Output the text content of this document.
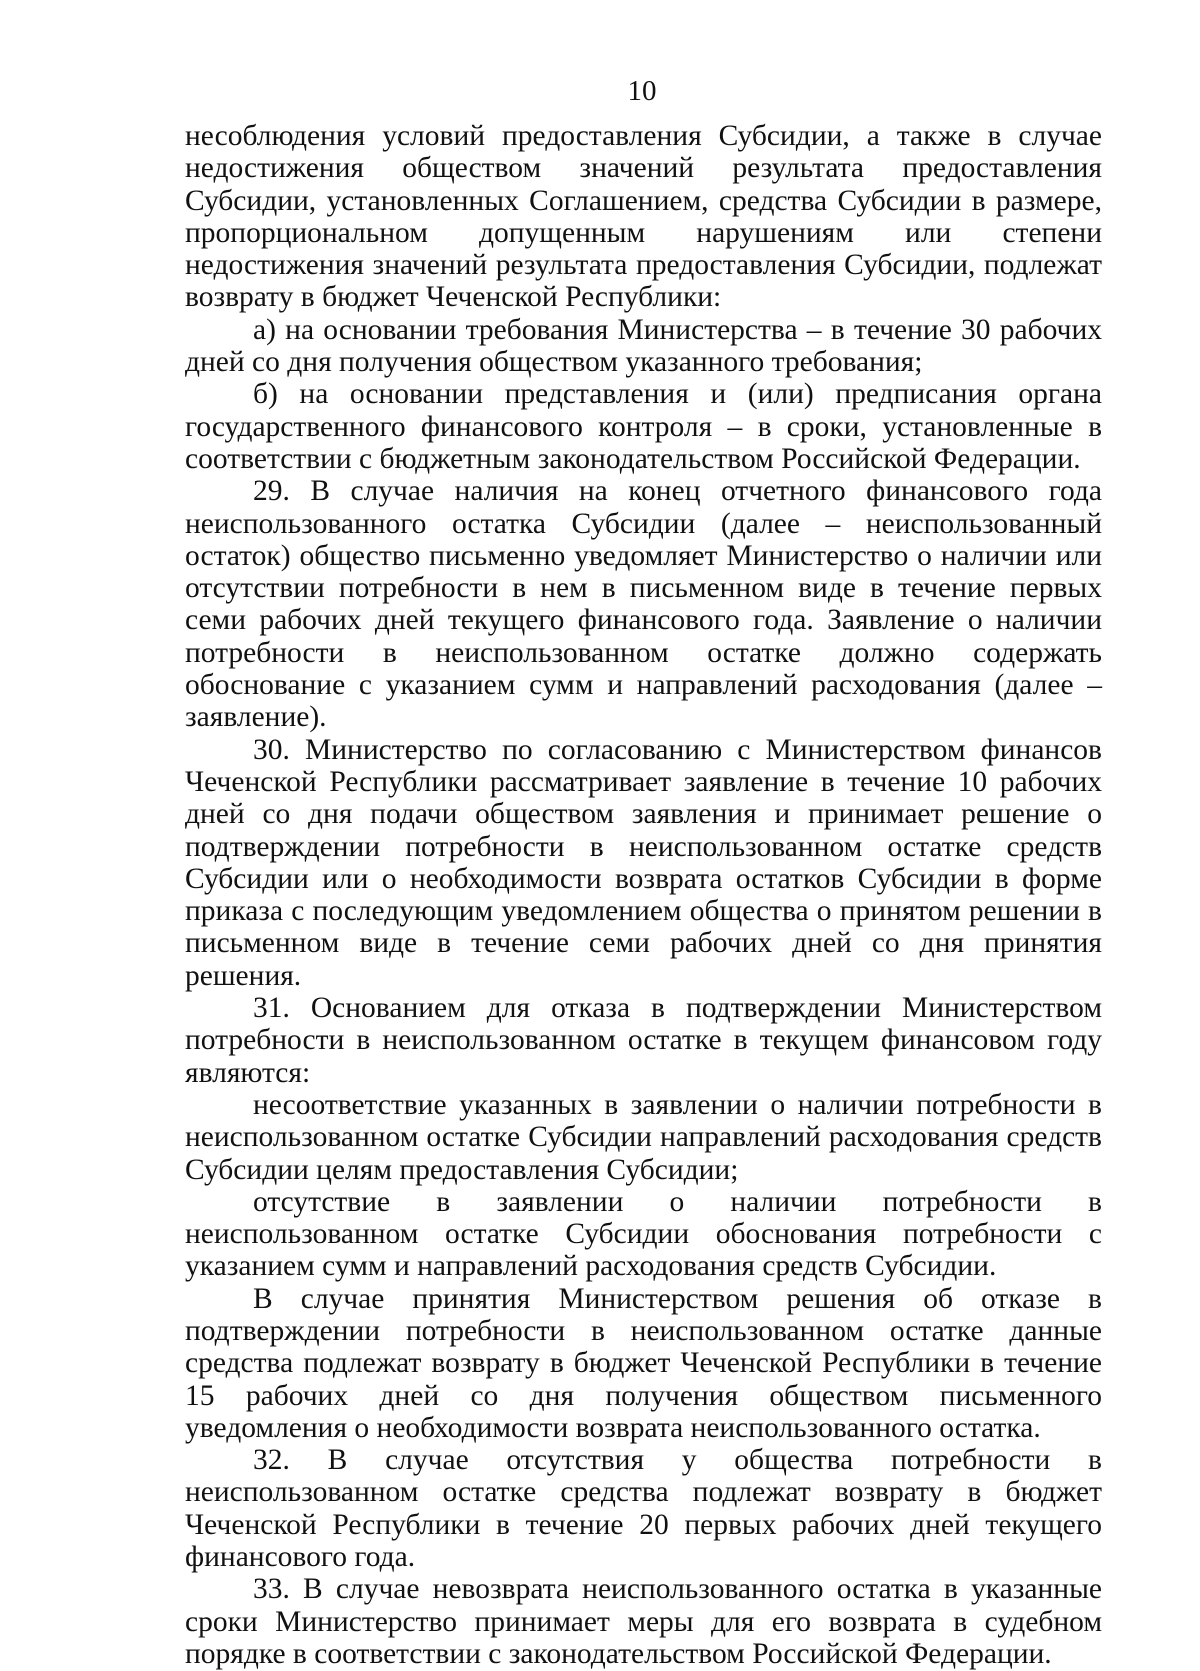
10

несоблюдения условий предоставления Субсидии, а также в случае недостижения обществом значений результата предоставления Субсидии, установленных Соглашением, средства Субсидии в размере, пропорциональном допущенным нарушениям или степени недостижения значений результата предоставления Субсидии, подлежат возврату в бюджет Чеченской Республики:

а) на основании требования Министерства – в течение 30 рабочих дней со дня получения обществом указанного требования;

б) на основании представления и (или) предписания органа государственного финансового контроля – в сроки, установленные в соответствии с бюджетным законодательством Российской Федерации.

29. В случае наличия на конец отчетного финансового года неиспользованного остатка Субсидии (далее – неиспользованный остаток) общество письменно уведомляет Министерство о наличии или отсутствии потребности в нем в письменном виде в течение первых семи рабочих дней текущего финансового года. Заявление о наличии потребности в неиспользованном остатке должно содержать обоснование с указанием сумм и направлений расходования (далее – заявление).

30. Министерство по согласованию с Министерством финансов Чеченской Республики рассматривает заявление в течение 10 рабочих дней со дня подачи обществом заявления и принимает решение о подтверждении потребности в неиспользованном остатке средств Субсидии или о необходимости возврата остатков Субсидии в форме приказа с последующим уведомлением общества о принятом решении в письменном виде в течение семи рабочих дней со дня принятия решения.

31. Основанием для отказа в подтверждении Министерством потребности в неиспользованном остатке в текущем финансовом году являются:

несоответствие указанных в заявлении о наличии потребности в неиспользованном остатке Субсидии направлений расходования средств Субсидии целям предоставления Субсидии;

отсутствие в заявлении о наличии потребности в неиспользованном остатке Субсидии обоснования потребности с указанием сумм и направлений расходования средств Субсидии.

В случае принятия Министерством решения об отказе в подтверждении потребности в неиспользованном остатке данные средства подлежат возврату в бюджет Чеченской Республики в течение 15 рабочих дней со дня получения обществом письменного уведомления о необходимости возврата неиспользованного остатка.

32. В случае отсутствия у общества потребности в неиспользованном остатке средства подлежат возврату в бюджет Чеченской Республики в течение 20 первых рабочих дней текущего финансового года.

33. В случае невозврата неиспользованного остатка в указанные сроки Министерство принимает меры для его возврата в судебном порядке в соответствии с законодательством Российской Федерации.
